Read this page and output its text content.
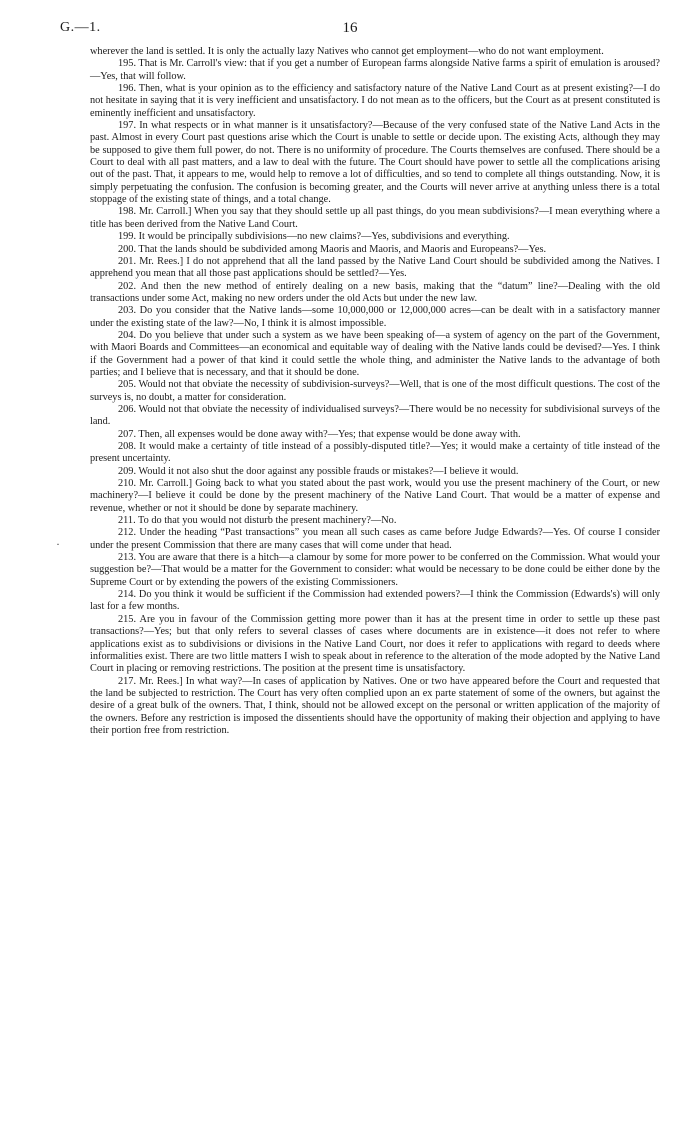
G.—1.	16
·

wherever the land is settled. It is only the actually lazy Natives who cannot get employment—who do not want employment.

195. That is Mr. Carroll's view: that if you get a number of European farms alongside Native farms a spirit of emulation is aroused?—Yes, that will follow.

196. Then, what is your opinion as to the efficiency and satisfactory nature of the Native Land Court as at present existing?—I do not hesitate in saying that it is very inefficient and unsatisfactory. I do not mean as to the officers, but the Court as at present constituted is eminently inefficient and unsatisfactory.

197. In what respects or in what manner is it unsatisfactory?—Because of the very confused state of the Native Land Acts in the past. Almost in every Court past questions arise which the Court is unable to settle or decide upon. The existing Acts, although they may be supposed to give them full power, do not. There is no uniformity of procedure. The Courts themselves are confused. There should be a Court to deal with all past matters, and a law to deal with the future. The Court should have power to settle all the complications arising out of the past. That, it appears to me, would help to remove a lot of difficulties, and so tend to complete all things outstanding. Now, it is simply perpetuating the confusion. The confusion is becoming greater, and the Courts will never arrive at anything unless there is a total stoppage of the existing state of things, and a total change.

198. Mr. Carroll.] When you say that they should settle up all past things, do you mean subdivisions?—I mean everything where a title has been derived from the Native Land Court.

199. It would be principally subdivisions—no new claims?—Yes, subdivisions and everything.

200. That the lands should be subdivided among Maoris and Maoris, and Maoris and Europeans?—Yes.

201. Mr. Rees.] I do not apprehend that all the land passed by the Native Land Court should be subdivided among the Natives. I apprehend you mean that all those past applications should be settled?—Yes.

202. And then the new method of entirely dealing on a new basis, making that the “datum” line?—Dealing with the old transactions under some Act, making no new orders under the old Acts but under the new law.

203. Do you consider that the Native lands—some 10,000,000 or 12,000,000 acres—can be dealt with in a satisfactory manner under the existing state of the law?—No, I think it is almost impossible.

204. Do you believe that under such a system as we have been speaking of—a system of agency on the part of the Government, with Maori Boards and Committees—an economical and equitable way of dealing with the Native lands could be devised?—Yes. I think if the Government had a power of that kind it could settle the whole thing, and administer the Native lands to the advantage of both parties; and I believe that is necessary, and that it should be done.

205. Would not that obviate the necessity of subdivision-surveys?—Well, that is one of the most difficult questions. The cost of the surveys is, no doubt, a matter for consideration.

206. Would not that obviate the necessity of individualised surveys?—There would be no necessity for subdivisional surveys of the land.

207. Then, all expenses would be done away with?—Yes; that expense would be done away with.

208. It would make a certainty of title instead of a possibly-disputed title?—Yes; it would make a certainty of title instead of the present uncertainty.

209. Would it not also shut the door against any possible frauds or mistakes?—I believe it would.

210. Mr. Carroll.] Going back to what you stated about the past work, would you use the present machinery of the Court, or new machinery?—I believe it could be done by the present machinery of the Native Land Court. That would be a matter of expense and revenue, whether or not it should be done by separate machinery.

211. To do that you would not disturb the present machinery?—No.

212. Under the heading “Past transactions” you mean all such cases as came before Judge Edwards?—Yes. Of course I consider under the present Commission that there are many cases that will come under that head.

213. You are aware that there is a hitch—a clamour by some for more power to be conferred on the Commission. What would your suggestion be?—That would be a matter for the Government to consider: what would be necessary to be done could be either done by the Supreme Court or by extending the powers of the existing Commissioners.

214. Do you think it would be sufficient if the Commission had extended powers?—I think the Commission (Edwards's) will only last for a few months.

215. Are you in favour of the Commission getting more power than it has at the present time in order to settle up these past transactions?—Yes; but that only refers to several classes of cases where documents are in existence—it does not refer to where applications exist as to subdivisions or divisions in the Native Land Court, nor does it refer to applications with regard to deeds where informalities exist. There are two little matters I wish to speak about in reference to the alteration of the mode adopted by the Native Land Court in placing or removing restrictions. The position at the present time is unsatisfactory.

217. Mr. Rees.] In what way?—In cases of application by Natives. One or two have appeared before the Court and requested that the land be subjected to restriction. The Court has very often complied upon an ex parte statement of some of the owners, but against the desire of a great bulk of the owners. That, I think, should not be allowed except on the personal or written application of the majority of the owners. Before any restriction is imposed the dissentients should have the opportunity of making their objection and applying to have their portion free from restriction.
